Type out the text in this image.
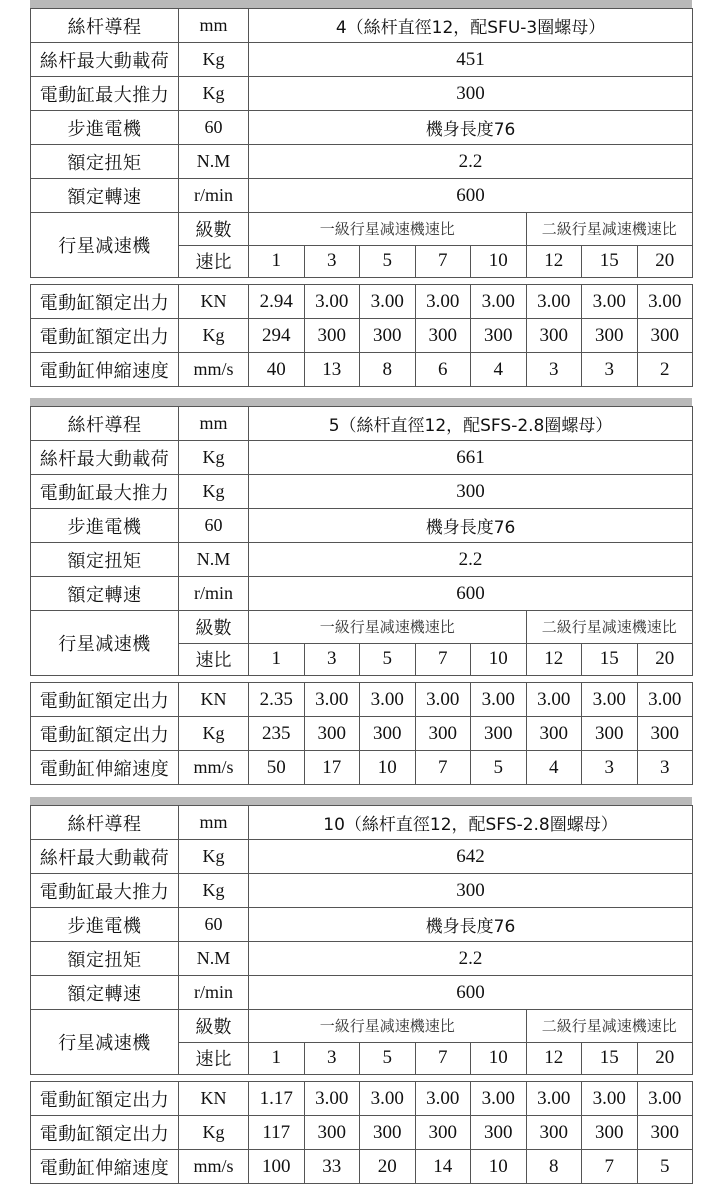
絲杆導程	mm	4（絲杆直徑12，配SFU-3圈螺母）							
絲杆最大動載荷	Kg	451							
電動缸最大推力	Kg	300							
步進電機	60	機身長度76							
額定扭矩	N.M	2.2							
額定轉速	r/min	600							
行星减速機	級數	一級行星减速機速比					二級行星减速機速比		
	速比	1	3	5	7	10	12	15	20

電動缸額定出力	KN	2.94	3.00	3.00	3.00	3.00	3.00	3.00	3.00
電動缸額定出力	Kg	294	300	300	300	300	300	300	300
電動缸伸縮速度	mm/s	40	13	8	6	4	3	3	2
絲杆導程	mm	5（絲杆直徑12，配SFS-2.8圈螺母）							
絲杆最大動載荷	Kg	661							
電動缸最大推力	Kg	300							
步進電機	60	機身長度76							
額定扭矩	N.M	2.2							
額定轉速	r/min	600							
行星减速機	級數	一級行星减速機速比					二級行星减速機速比		
	速比	1	3	5	7	10	12	15	20

電動缸額定出力	KN	2.35	3.00	3.00	3.00	3.00	3.00	3.00	3.00
電動缸額定出力	Kg	235	300	300	300	300	300	300	300
電動缸伸縮速度	mm/s	50	17	10	7	5	4	3	3
絲杆導程	mm	10（絲杆直徑12，配SFS-2.8圈螺母）							
絲杆最大動載荷	Kg	642							
電動缸最大推力	Kg	300							
步進電機	60	機身長度76							
額定扭矩	N.M	2.2							
額定轉速	r/min	600							
行星减速機	級數	一級行星减速機速比					二級行星减速機速比		
	速比	1	3	5	7	10	12	15	20

電動缸額定出力	KN	1.17	3.00	3.00	3.00	3.00	3.00	3.00	3.00
電動缸額定出力	Kg	117	300	300	300	300	300	300	300
電動缸伸縮速度	mm/s	100	33	20	14	10	8	7	5
